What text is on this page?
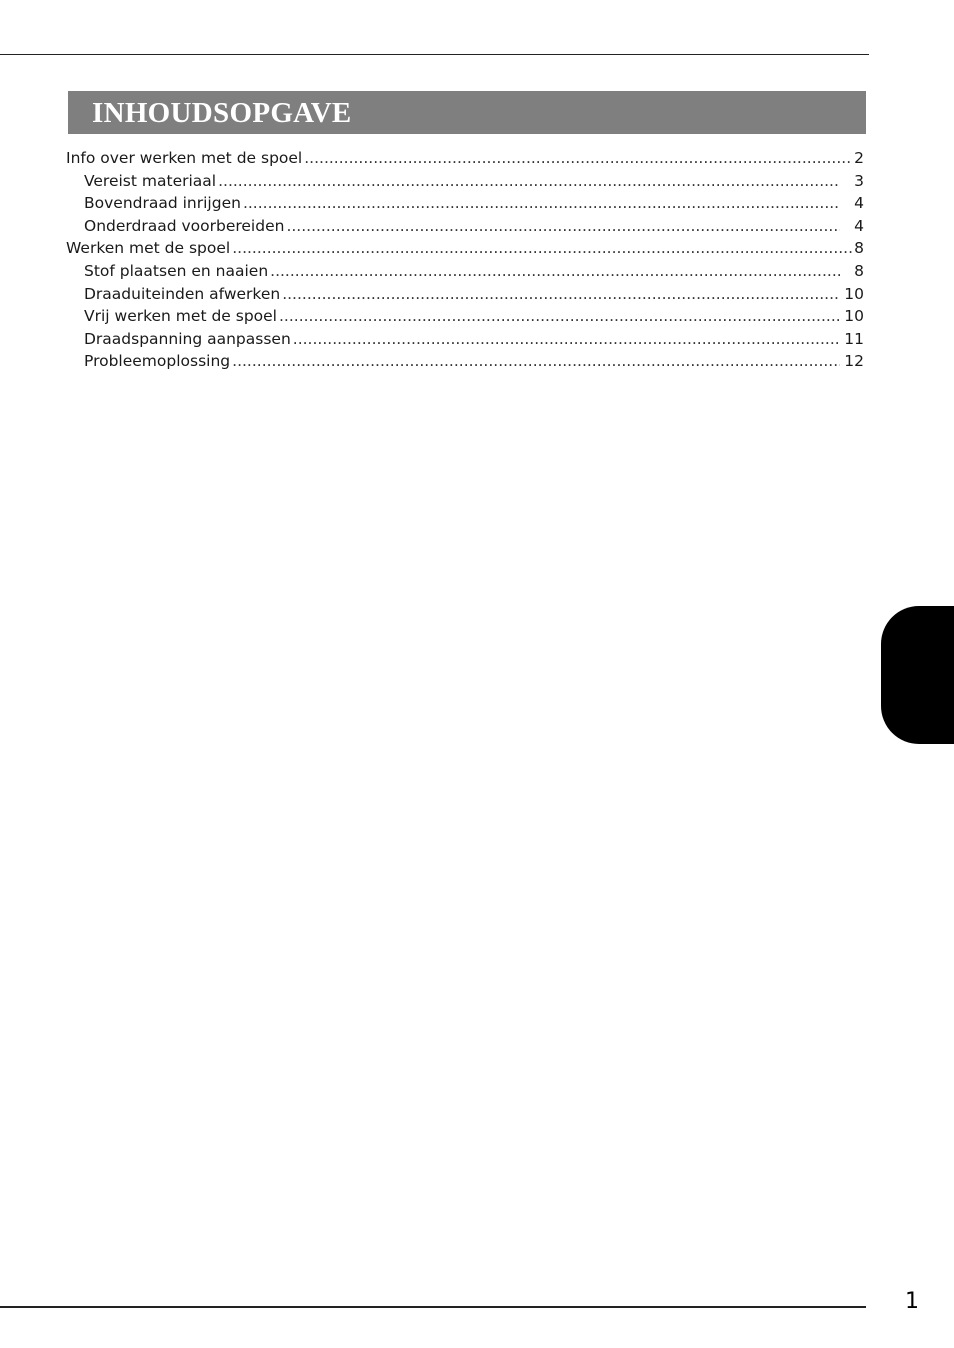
INHOUDSOPGAVE
Info over werken met de spoel .....	2
Vereist materiaal .....	3
Bovendraad inrijgen .....	4
Onderdraad voorbereiden .....	4
Werken met de spoel .....	8
Stof plaatsen en naaien .....	8
Draaduiteinden afwerken .....	10
Vrij werken met de spoel .....	10
Draadspanning aanpassen .....	11
Probleemoplossing .....	12
1
